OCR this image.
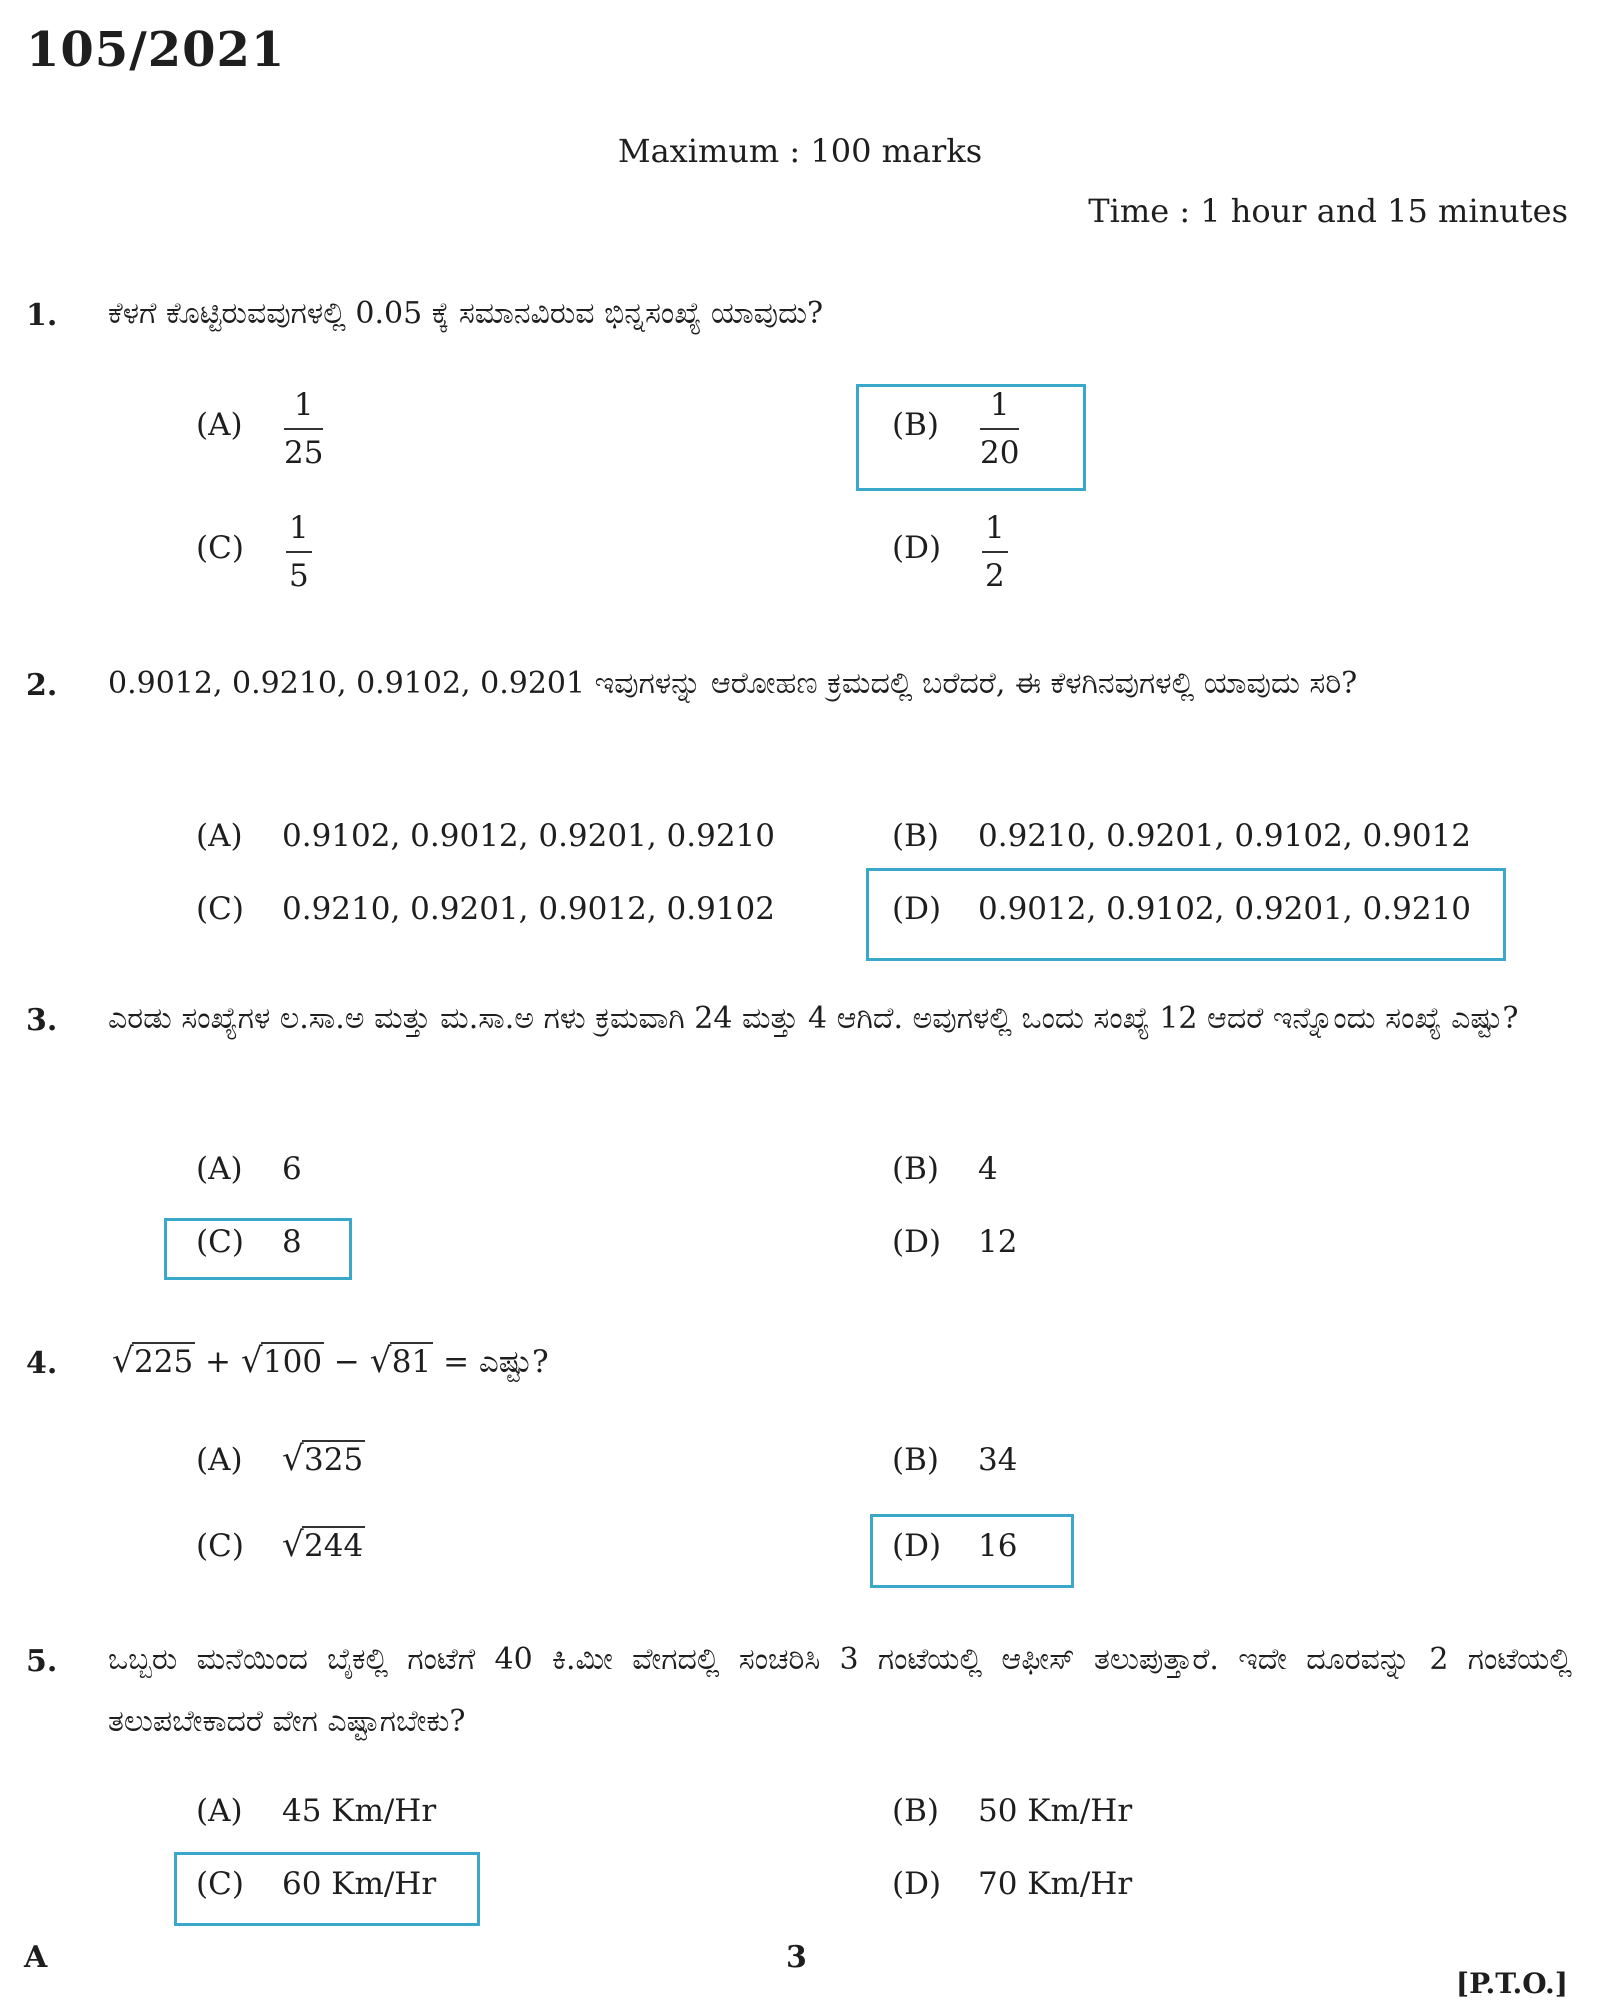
105/2021
Maximum : 100 marks
Time : 1 hour and 15 minutes
1. ಕೆಳಗೆ ಕೊಟ್ಟಿರುವವುಗಳಲ್ಲಿ 0.05 ಕ್ಕೆ ಸಮಾನವಿರುವ ಭಿನ್ನಸಂಖ್ಯೆ ಯಾವುದು?
$(A) \frac{1}{25}$	$(B) \frac{1}{20}$
$(C) \frac{1}{5}$	$(D) \frac{1}{2}$
2. 0.9012, 0.9210, 0.9102, 0.9201 ಇವುಗಳನ್ನು ಆರೋಹಣ ಕ್ರಮದಲ್ಲಿ ಬರೆದರೆ, ಈ ಕೆಳಗಿನವುಗಳಲ್ಲಿ ಯಾವುದು ಸರಿ?
(A) 0.9102, 0.9012, 0.9201, 0.9210	(B) 0.9210, 0.9201, 0.9102, 0.9012
(C) 0.9210, 0.9201, 0.9012, 0.9102	(D) 0.9012, 0.9102, 0.9201, 0.9210
3. ಎರಡು ಸಂಖ್ಯೆಗಳ ಲ.ಸಾ.ಅ ಮತ್ತು ಮ.ಸಾ.ಅ ಗಳು ಕ್ರಮವಾಗಿ 24 ಮತ್ತು 4 ಆಗಿದೆ. ಅವುಗಳಲ್ಲಿ ಒಂದು ಸಂಖ್ಯೆ 12 ಆದರೆ ಇನ್ನೊಂದು ಸಂಖ್ಯೆ ಎಷ್ಟು?
(A) 6	(B) 4
(C) 8	(D) 12
4.	√ 225 + √ 100 − √ 81 = ಎಷ್ಟು?
(A) √ 325	(B) 34
(C) √ 244	(D) 16
5. ಒಬ್ಬರು ಮನೆಯಿಂದ ಬೈಕಲ್ಲಿ ಗಂಟೆಗೆ 40 ಕಿ.ಮೀ ವೇಗದಲ್ಲಿ ಸಂಚರಿಸಿ 3 ಗಂಟೆಯಲ್ಲಿ ಆಫೀಸ್ ತಲುಪುತ್ತಾರೆ. ಇದೇ ದೂರವನ್ನು 2 ಗಂಟೆಯಲ್ಲಿ ತಲುಪಬೇಕಾದರೆ ವೇಗ ಎಷ್ಟಾಗಬೇಕು?
(A) 45 Km/Hr	(B) 50 Km/Hr
(C) 60 Km/Hr	(D) 70 Km/Hr
A	3
[P.T.O.]
